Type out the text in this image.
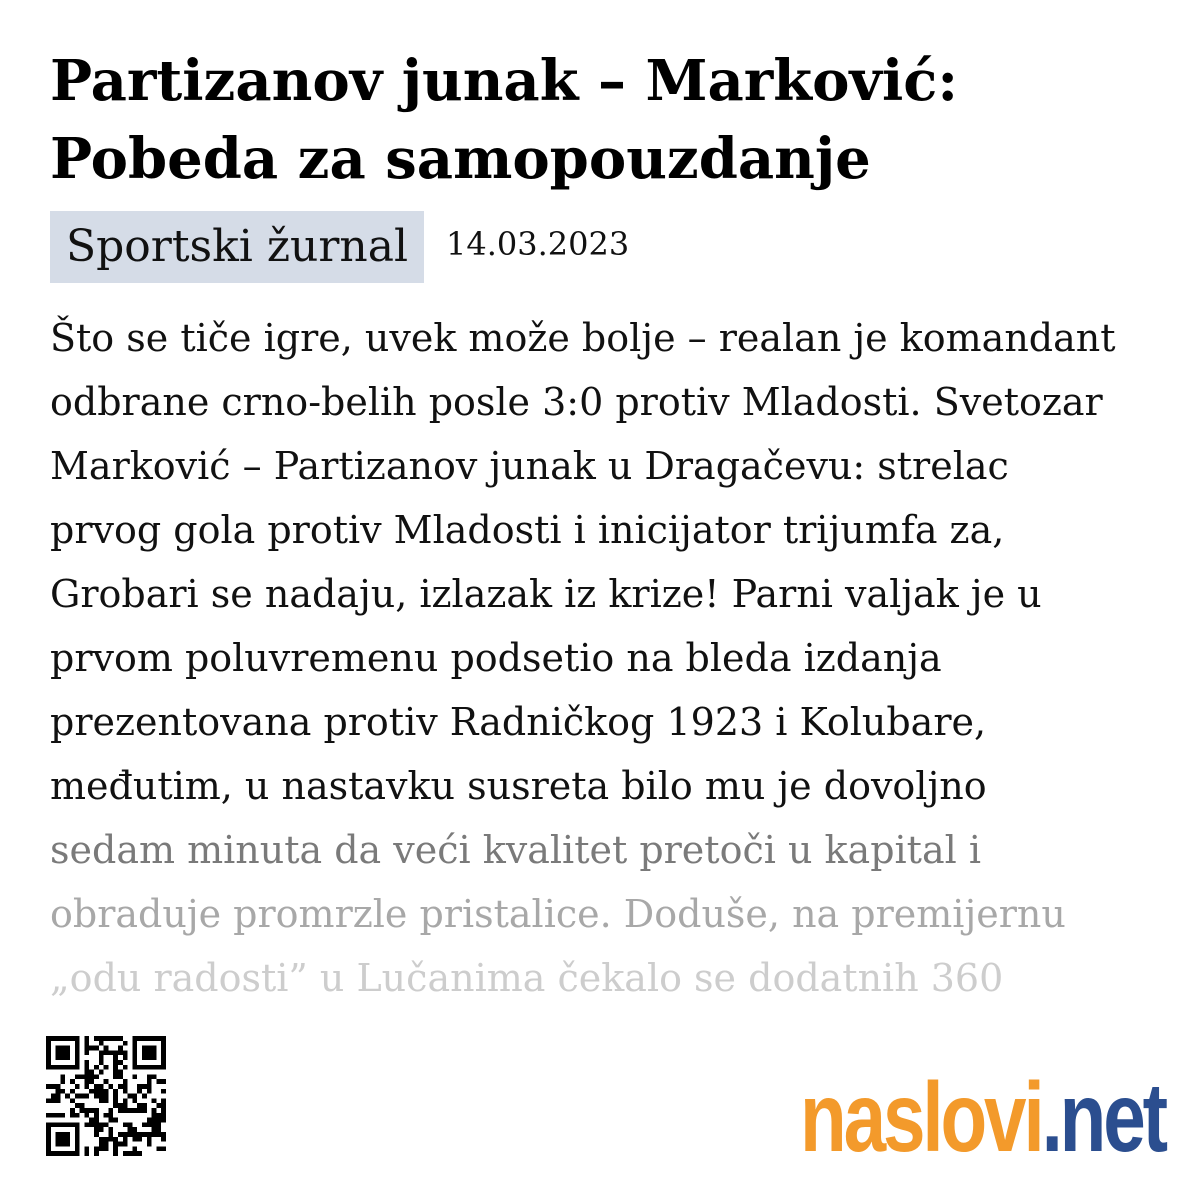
Partizanov junak – Marković: Pobeda za samopouzdanje
Sportski žurnal	14.03.2023
Što se tiče igre, uvek može bolje – realan je komandant
odbrane crno-belih posle 3:0 protiv Mladosti. Svetozar
Marković – Partizanov junak u Dragačevu: strelac
prvog gola protiv Mladosti i inicijator trijumfa za,
Grobari se nadaju, izlazak iz krize! Parni valjak je u
prvom poluvremenu podsetio na bleda izdanja
prezentovana protiv Radničkog 1923 i Kolubare,
međutim, u nastavku susreta bilo mu je dovoljno
sedam minuta da veći kvalitet pretoči u kapital i
obraduje promrzle pristalice. Doduše, na premijernu
„odu radosti” u Lučanima čekalo se dodatnih 360
naslovi.net
